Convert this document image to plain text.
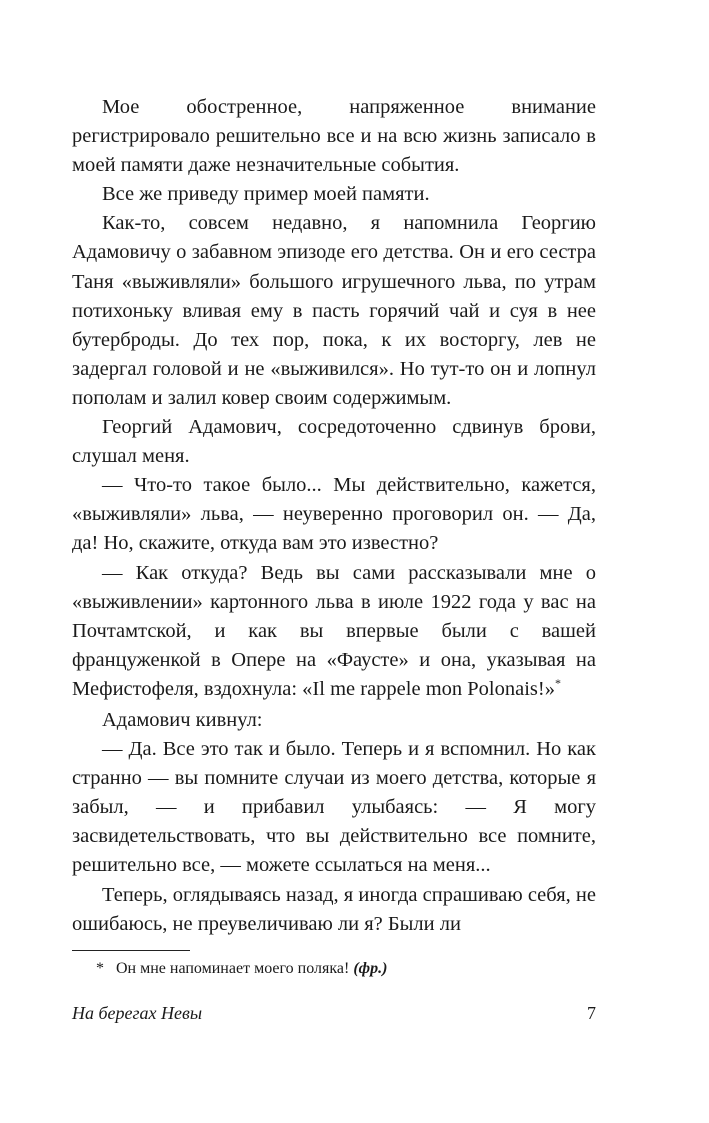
Мое обостренное, напряженное внимание регистрировало решительно все и на всю жизнь записало в моей памяти даже незначительные события.

Все же приведу пример моей памяти.

Как-то, совсем недавно, я напомнила Георгию Адамовичу о забавном эпизоде его детства. Он и его сестра Таня «выживляли» большого игрушечного льва, по утрам потихоньку вливая ему в пасть горячий чай и суя в нее бутерброды. До тех пор, пока, к их восторгу, лев не задергал головой и не «выживился». Но тут-то он и лопнул пополам и залил ковер своим содержимым.

Георгий Адамович, сосредоточенно сдвинув брови, слушал меня.

— Что-то такое было... Мы действительно, кажется, «выживляли» льва, — неуверенно проговорил он. — Да, да! Но, скажите, откуда вам это известно?

— Как откуда? Ведь вы сами рассказывали мне о «выживлении» картонного льва в июле 1922 года у вас на Почтамтской, и как вы впервые были с вашей француженкой в Опере на «Фаусте» и она, указывая на Мефистофеля, вздохнула: «Il me rappele mon Polonais!»*

Адамович кивнул:

— Да. Все это так и было. Теперь и я вспомнил. Но как странно — вы помните случаи из моего детства, которые я забыл, — и прибавил улыбаясь: — Я могу засвидетельствовать, что вы действительно все помните, решительно все, — можете ссылаться на меня...

Теперь, оглядываясь назад, я иногда спрашиваю себя, не ошибаюсь, не преувеличиваю ли я? Были ли

* Он мне напоминает моего поляка! (фр.)
На берегах Невы	7
